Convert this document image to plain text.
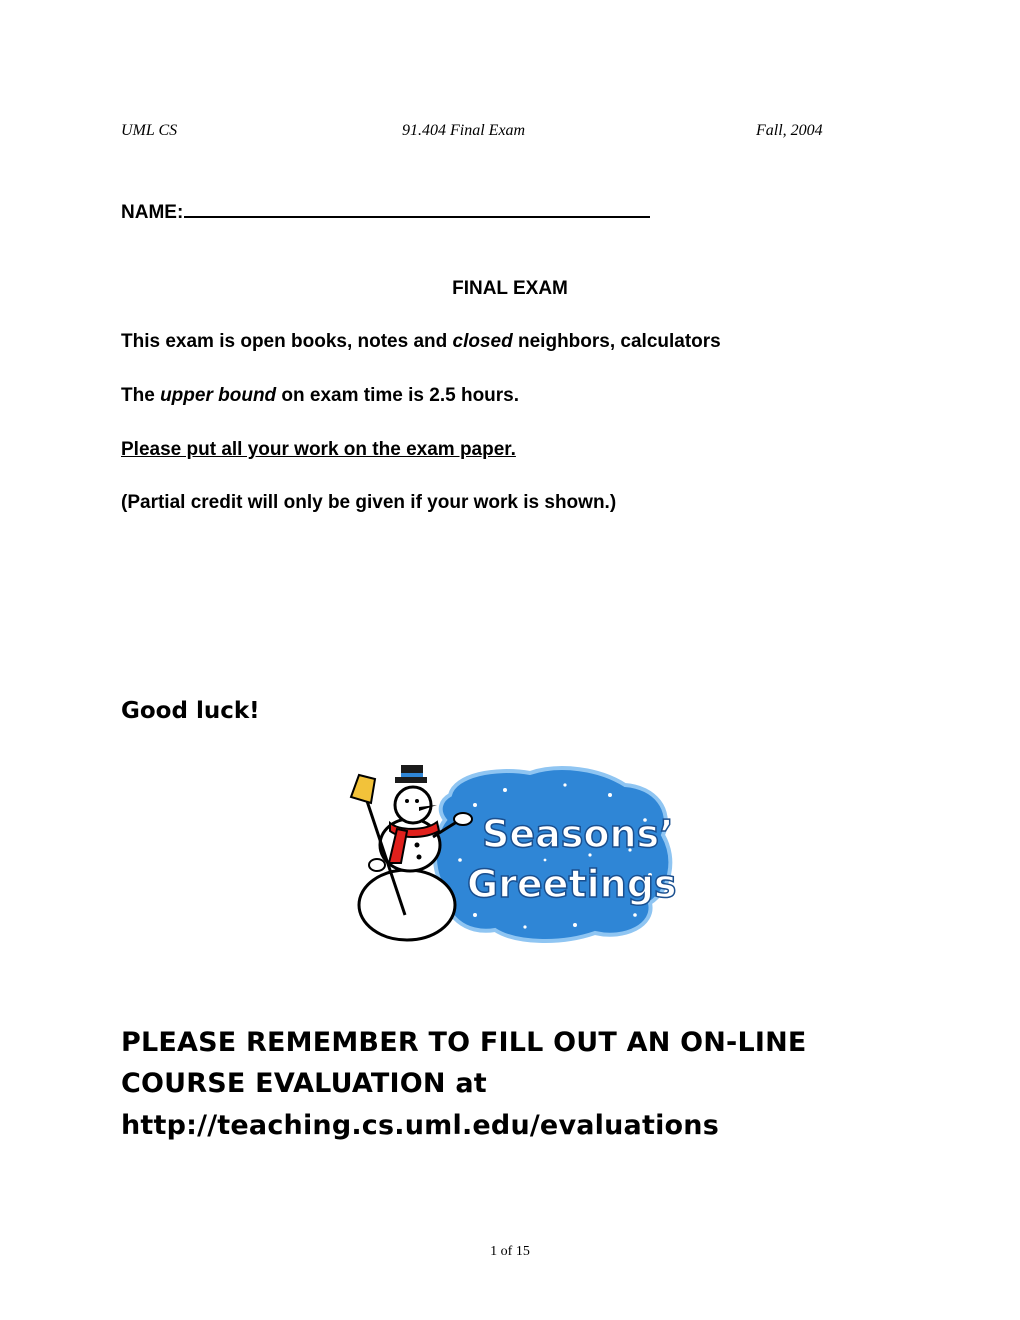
UML CS	91.404 Final Exam	Fall, 2004
NAME:
FINAL EXAM
This exam is open books, notes and closed neighbors, calculators
The upper bound on exam time is 2.5 hours.
Please put all your work on the exam paper.
(Partial credit will only be given if your work is shown.)
Good luck!
Seasons’
Greetings
PLEASE REMEMBER TO FILL OUT AN ON-LINE
COURSE EVALUATION at
http://teaching.cs.uml.edu/evaluations
1 of 15
